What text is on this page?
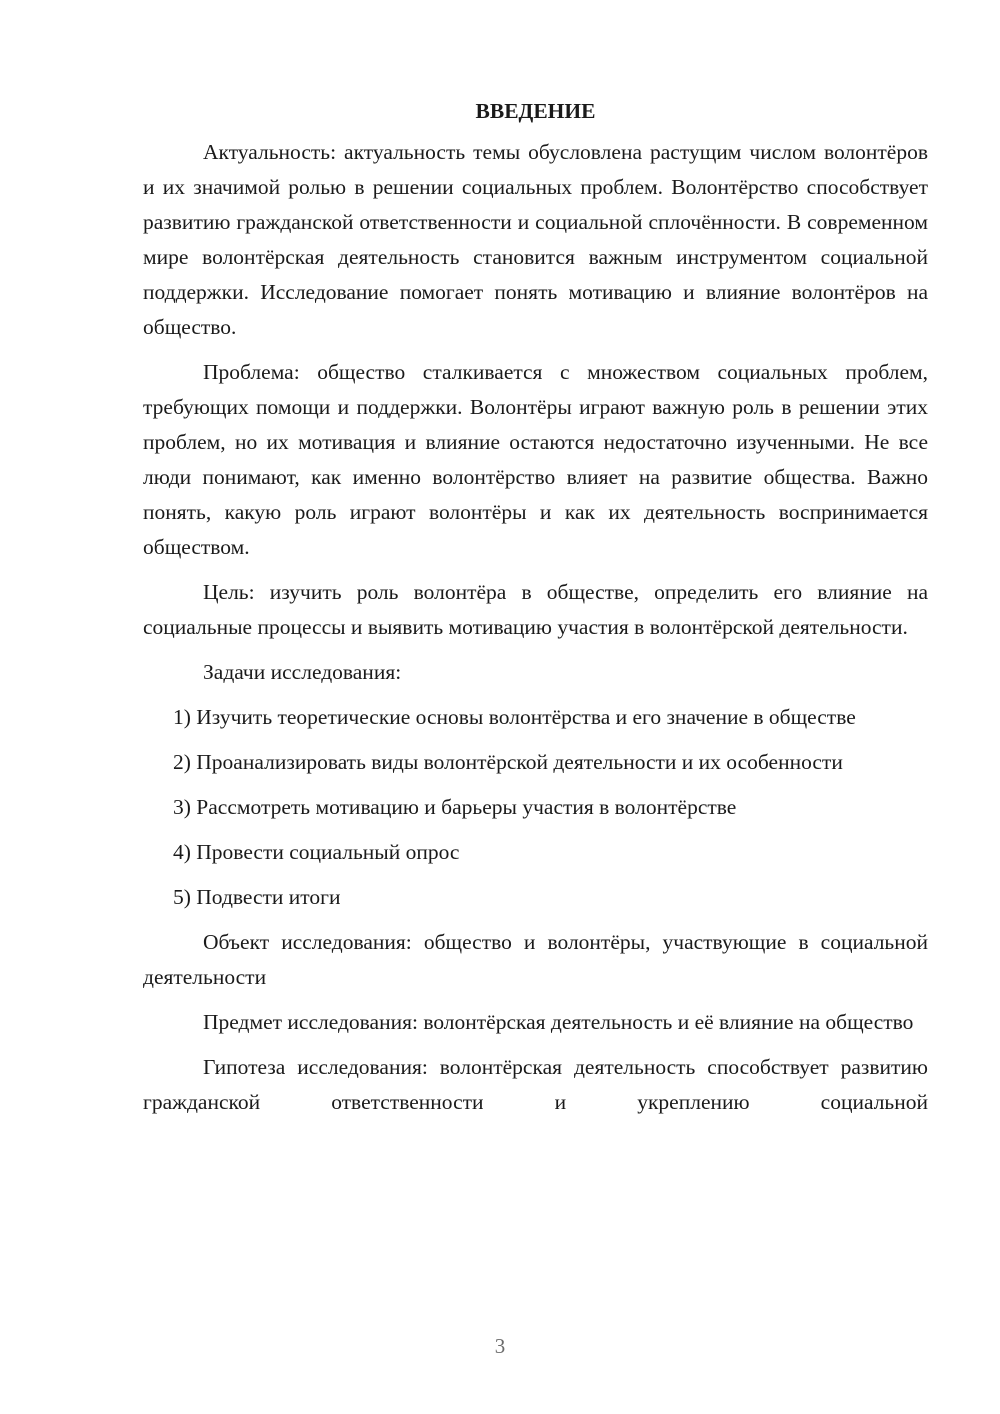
ВВЕДЕНИЕ

Актуальность: актуальность темы обусловлена растущим числом волонтёров и их значимой ролью в решении социальных проблем. Волонтёрство способствует развитию гражданской ответственности и социальной сплочённости. В современном мире волонтёрская деятельность становится важным инструментом социальной поддержки. Исследование помогает понять мотивацию и влияние волонтёров на общество.

Проблема: общество сталкивается с множеством социальных проблем, требующих помощи и поддержки. Волонтёры играют важную роль в решении этих проблем, но их мотивация и влияние остаются недостаточно изученными. Не все люди понимают, как именно волонтёрство влияет на развитие общества. Важно понять, какую роль играют волонтёры и как их деятельность воспринимается обществом.

Цель: изучить роль волонтёра в обществе, определить его влияние на социальные процессы и выявить мотивацию участия в волонтёрской деятельности.

Задачи исследования:

1) Изучить теоретические основы волонтёрства и его значение в обществе

2) Проанализировать виды волонтёрской деятельности и их особенности

3) Рассмотреть мотивацию и барьеры участия в волонтёрстве

4) Провести социальный опрос

5) Подвести итоги

Объект исследования: общество и волонтёры, участвующие в социальной деятельности

Предмет исследования: волонтёрская деятельность и её влияние на общество

Гипотеза исследования: волонтёрская деятельность способствует развитию гражданской ответственности и укреплению социальной

3
